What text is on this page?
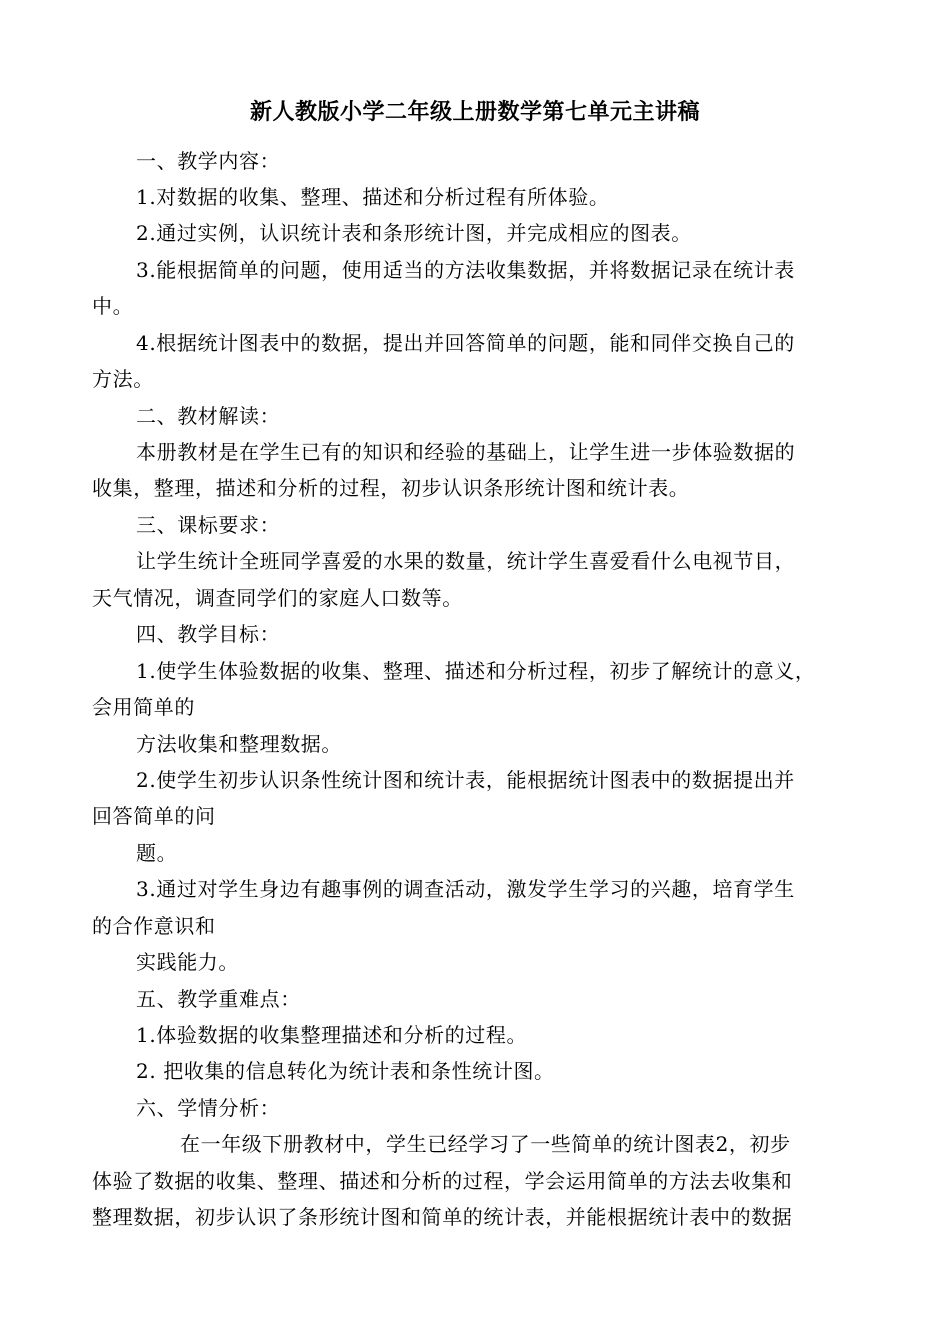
新人教版小学二年级上册数学第七单元主讲稿
一、教学内容：
1.对数据的收集、整理、描述和分析过程有所体验。
2.通过实例，认识统计表和条形统计图，并完成相应的图表。
3.能根据简单的问题，使用适当的方法收集数据，并将数据记录在统计表
中。
4.根据统计图表中的数据，提出并回答简单的问题，能和同伴交换自己的
方法。
二、教材解读：
本册教材是在学生已有的知识和经验的基础上，让学生进一步体验数据的
收集，整理，描述和分析的过程，初步认识条形统计图和统计表。
三、课标要求：
让学生统计全班同学喜爱的水果的数量，统计学生喜爱看什么电视节目，
天气情况，调查同学们的家庭人口数等。
四、教学目标：
1.使学生体验数据的收集、整理、描述和分析过程，初步了解统计的意义，
会用简单的
方法收集和整理数据。
2.使学生初步认识条性统计图和统计表，能根据统计图表中的数据提出并
回答简单的问
题。
3.通过对学生身边有趣事例的调查活动，激发学生学习的兴趣，培育学生
的合作意识和
实践能力。
五、教学重难点：
1.体验数据的收集整理描述和分析的过程。
2. 把收集的信息转化为统计表和条性统计图。
六、学情分析：
在一年级下册教材中，学生已经学习了一些简单的统计图表2，初步
体验了数据的收集、整理、描述和分析的过程，学会运用简单的方法去收集和
整理数据，初步认识了条形统计图和简单的统计表，并能根据统计表中的数据
